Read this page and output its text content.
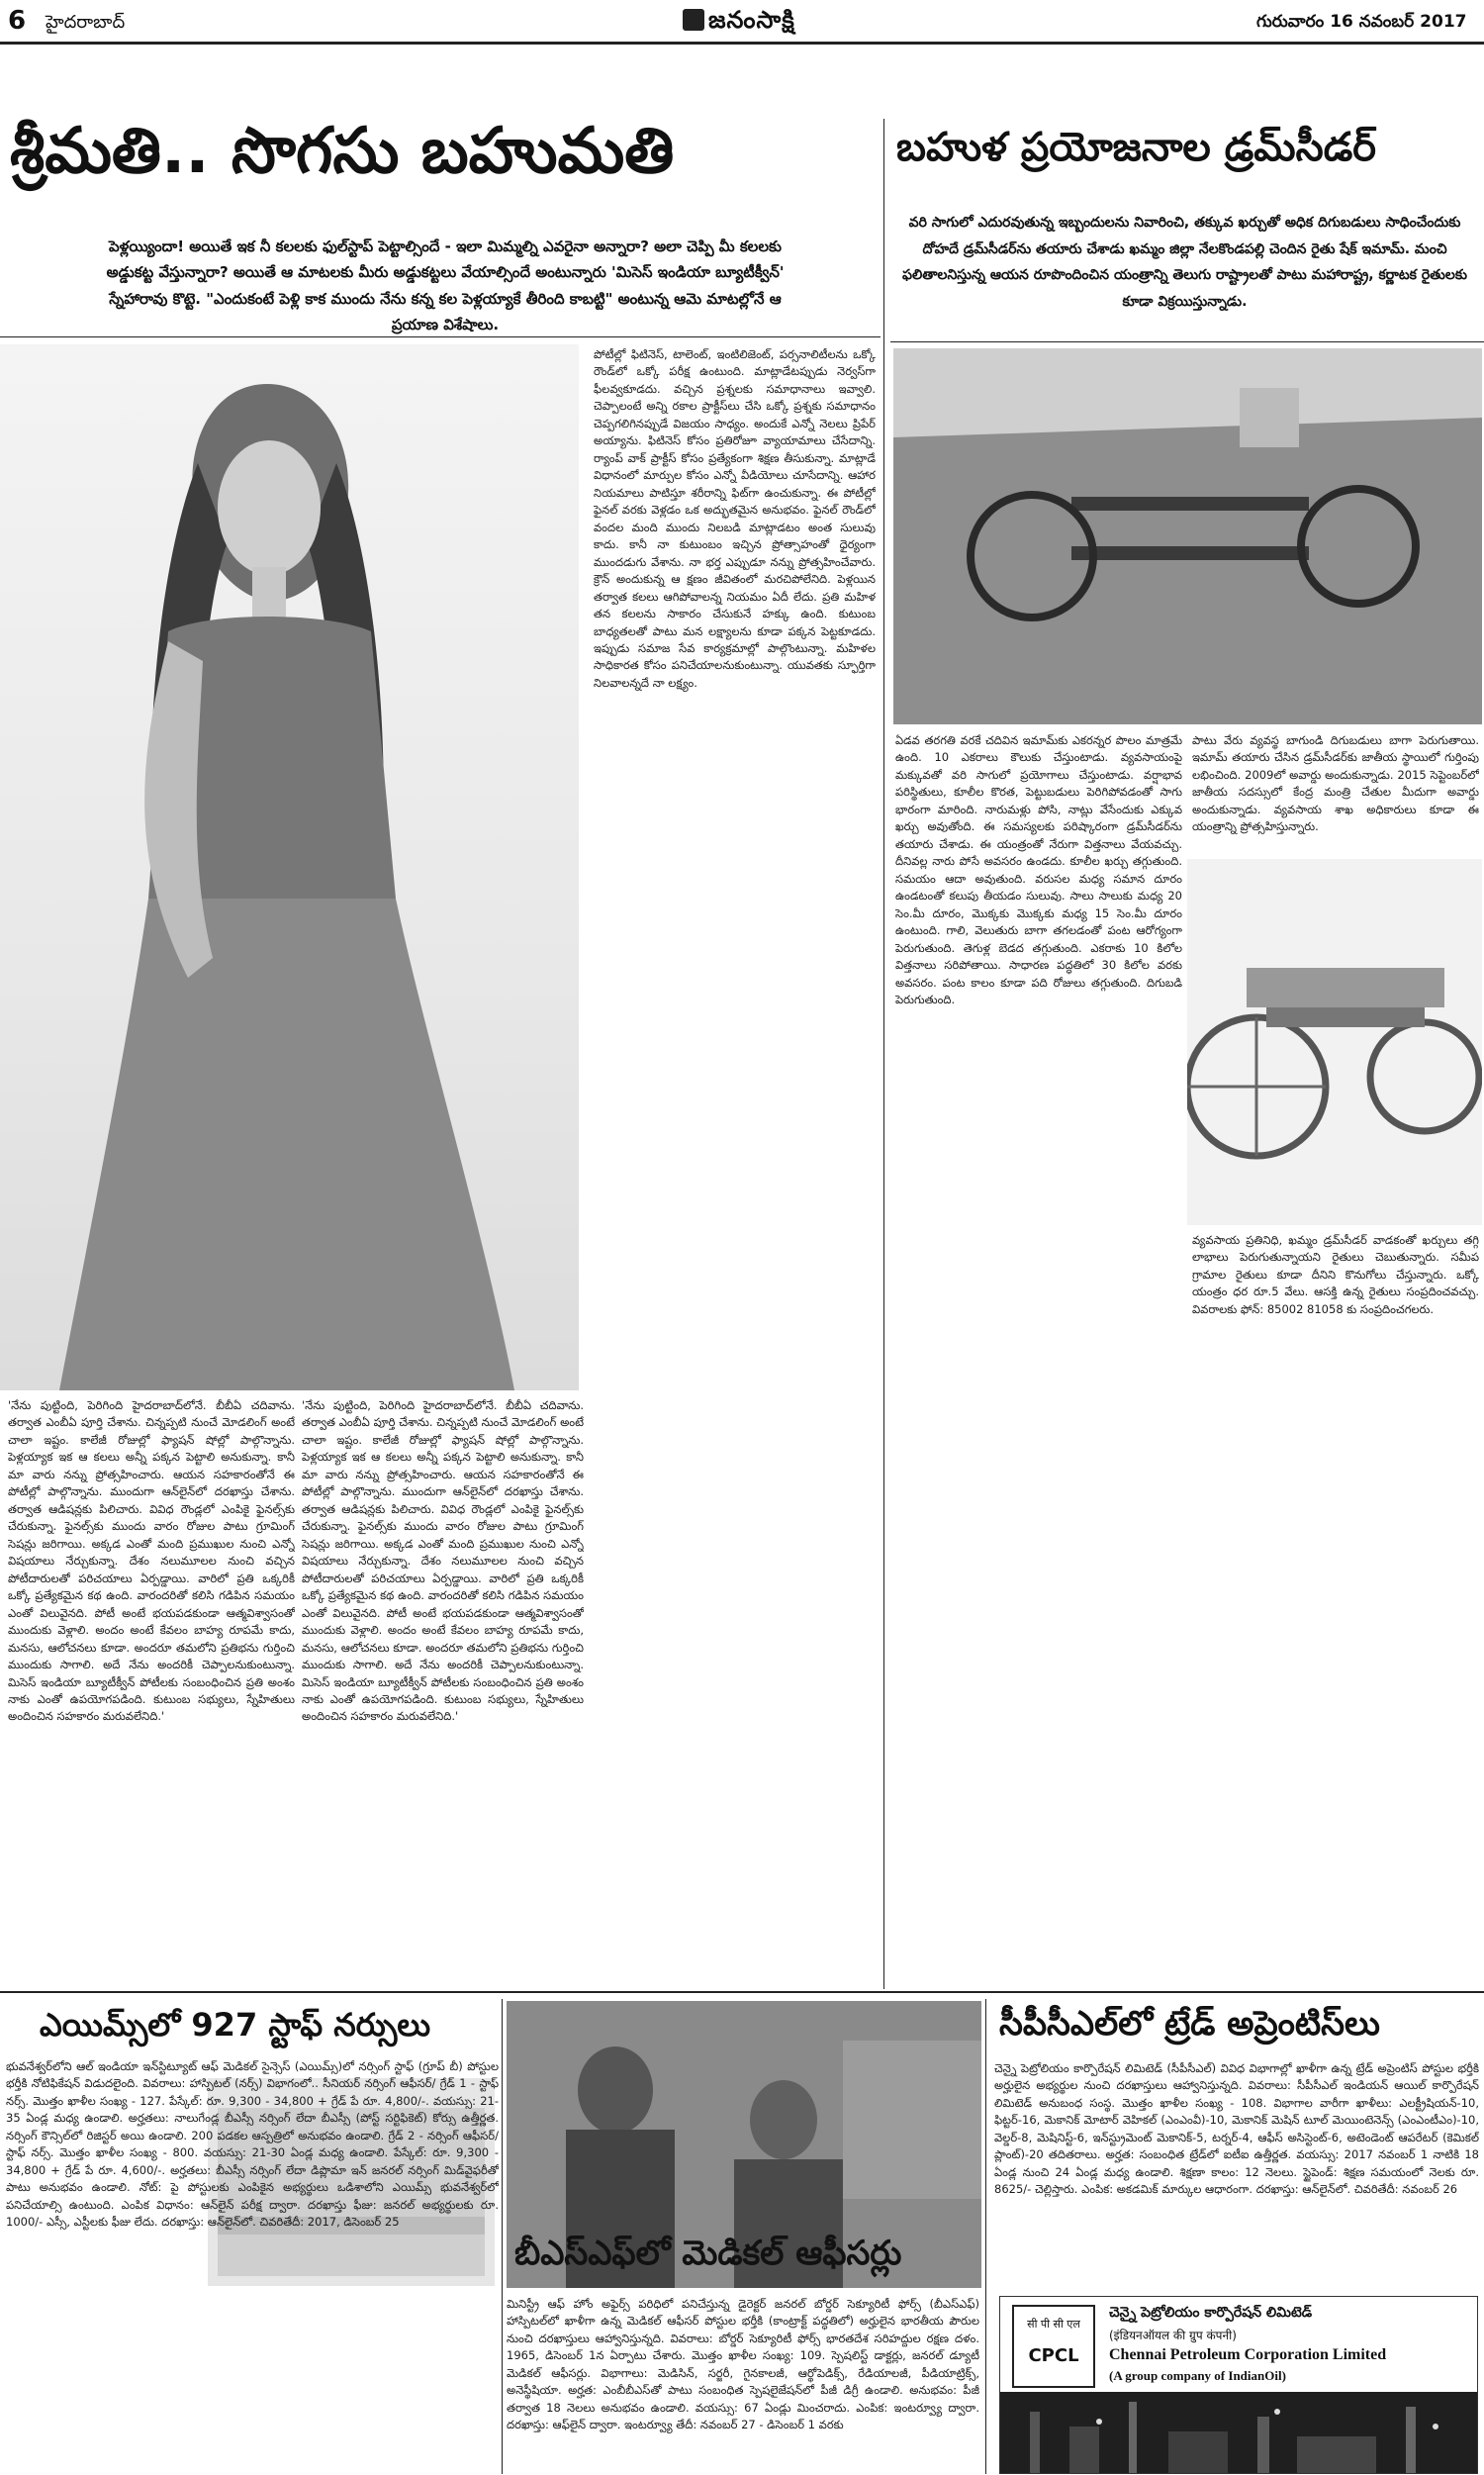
6 హైదరాబాద్	జనంసాక్షి	గురువారం 16 నవంబర్ 2017
శ్రీమతి.. సొగసు బహుమతి
పెళ్లయ్యిందా! అయితే ఇక నీ కలలకు ఫుల్‌స్టాప్ పెట్టాల్సిందే - ఇలా మిమ్మల్ని ఎవరైనా అన్నారా? అలా చెప్పి మీ కలలకు అడ్డుకట్ట వేస్తున్నారా? అయితే ఆ మాటలకు మీరు అడ్డుకట్టలు వేయాల్సిందే అంటున్నారు 'మిసెస్ ఇండియా బ్యూటీక్వీన్' స్నేహారావు కొట్టె. "ఎందుకంటే పెళ్లి కాక ముందు నేను కన్న కల పెళ్లయ్యాకే తీరింది కాబట్టి" అంటున్న ఆమె మాటల్లోనే ఆ ప్రయాణ విశేషాలు.
పోటీల్లో ఫిటినెస్, టాలెంట్, ఇంటిలిజెంట్, పర్సనాలిటీలను ఒక్కో రౌండ్‌లో ఒక్కో పరీక్ష ఉంటుంది. మాట్లాడేటప్పుడు నెర్వస్‌గా ఫీలవ్వకూడదు. వచ్చిన ప్రశ్నలకు సమాధానాలు ఇవ్వాలి. చెప్పాలంటే అన్ని రకాల ప్రాక్టీస్‌లు చేసి ఒక్కో ప్రశ్నకు సమాధానం చెప్పగలిగినప్పుడే విజయం సాధ్యం. అందుకే ఎన్నో నెలలు ప్రిపేర్ అయ్యాను. ఫిటినెస్ కోసం ప్రతిరోజూ వ్యాయామాలు చేసేదాన్ని. ర్యాంప్ వాక్ ప్రాక్టీస్ కోసం ప్రత్యేకంగా శిక్షణ తీసుకున్నా. మాట్లాడే విధానంలో మార్పుల కోసం ఎన్నో వీడియోలు చూసేదాన్ని. ఆహార నియమాలు పాటిస్తూ శరీరాన్ని ఫిట్‌గా ఉంచుకున్నా. ఈ పోటీల్లో ఫైనల్ వరకు వెళ్లడం ఒక అద్భుతమైన అనుభవం. ఫైనల్ రౌండ్‌లో వందల మంది ముందు నిలబడి మాట్లాడటం అంత సులువు కాదు. కానీ నా కుటుంబం ఇచ్చిన ప్రోత్సాహంతో ధైర్యంగా ముందడుగు వేశాను. నా భర్త ఎప్పుడూ నన్ను ప్రోత్సహించేవారు. క్రౌన్ అందుకున్న ఆ క్షణం జీవితంలో మరచిపోలేనిది. పెళ్లయిన తర్వాత కలలు ఆగిపోవాలన్న నియమం ఏదీ లేదు. ప్రతి మహిళ తన కలలను సాకారం చేసుకునే హక్కు ఉంది. కుటుంబ బాధ్యతలతో పాటు మన లక్ష్యాలను కూడా పక్కన పెట్టకూడదు. ఇప్పుడు సమాజ సేవ కార్యక్రమాల్లో పాల్గొంటున్నా. మహిళల సాధికారత కోసం పనిచేయాలనుకుంటున్నా. యువతకు స్ఫూర్తిగా నిలవాలన్నదే నా లక్ష్యం.
'నేను పుట్టింది, పెరిగింది హైదరాబాద్‌లోనే. బీబీఏ చదివాను. తర్వాత ఎంబీఏ పూర్తి చేశాను. చిన్నప్పటి నుంచే మోడలింగ్ అంటే చాలా ఇష్టం. కాలేజీ రోజుల్లో ఫ్యాషన్ షోల్లో పాల్గొన్నాను. పెళ్లయ్యాక ఇక ఆ కలలు అన్నీ పక్కన పెట్టాలి అనుకున్నా. కానీ మా వారు నన్ను ప్రోత్సహించారు. ఆయన సహకారంతోనే ఈ పోటీల్లో పాల్గొన్నాను. ముందుగా ఆన్‌లైన్‌లో దరఖాస్తు చేశాను. తర్వాత ఆడిషన్లకు పిలిచారు. వివిధ రౌండ్లలో ఎంపికై ఫైనల్స్‌కు చేరుకున్నా. ఫైనల్స్‌కు ముందు వారం రోజుల పాటు గ్రూమింగ్ సెషన్లు జరిగాయి. అక్కడ ఎంతో మంది ప్రముఖుల నుంచి ఎన్నో విషయాలు నేర్చుకున్నా. దేశం నలుమూలల నుంచి వచ్చిన పోటీదారులతో పరిచయాలు ఏర్పడ్డాయి. వారిలో ప్రతి ఒక్కరికీ ఒక్కో ప్రత్యేకమైన కథ ఉంది. వారందరితో కలిసి గడిపిన సమయం ఎంతో విలువైనది. పోటీ అంటే భయపడకుండా ఆత్మవిశ్వాసంతో ముందుకు వెళ్లాలి. అందం అంటే కేవలం బాహ్య రూపమే కాదు, మనసు, ఆలోచనలు కూడా. అందరూ తమలోని ప్రతిభను గుర్తించి ముందుకు సాగాలి. అదే నేను అందరికీ చెప్పాలనుకుంటున్నా. మిసెస్ ఇండియా బ్యూటీక్వీన్ పోటీలకు సంబంధించిన ప్రతి అంశం నాకు ఎంతో ఉపయోగపడింది. కుటుంబ సభ్యులు, స్నేహితులు అందించిన సహకారం మరువలేనిది.'
'నేను పుట్టింది, పెరిగింది హైదరాబాద్‌లోనే. బీబీఏ చదివాను. తర్వాత ఎంబీఏ పూర్తి చేశాను. చిన్నప్పటి నుంచే మోడలింగ్ అంటే చాలా ఇష్టం. కాలేజీ రోజుల్లో ఫ్యాషన్ షోల్లో పాల్గొన్నాను. పెళ్లయ్యాక ఇక ఆ కలలు అన్నీ పక్కన పెట్టాలి అనుకున్నా. కానీ మా వారు నన్ను ప్రోత్సహించారు. ఆయన సహకారంతోనే ఈ పోటీల్లో పాల్గొన్నాను. ముందుగా ఆన్‌లైన్‌లో దరఖాస్తు చేశాను. తర్వాత ఆడిషన్లకు పిలిచారు. వివిధ రౌండ్లలో ఎంపికై ఫైనల్స్‌కు చేరుకున్నా. ఫైనల్స్‌కు ముందు వారం రోజుల పాటు గ్రూమింగ్ సెషన్లు జరిగాయి. అక్కడ ఎంతో మంది ప్రముఖుల నుంచి ఎన్నో విషయాలు నేర్చుకున్నా. దేశం నలుమూలల నుంచి వచ్చిన పోటీదారులతో పరిచయాలు ఏర్పడ్డాయి. వారిలో ప్రతి ఒక్కరికీ ఒక్కో ప్రత్యేకమైన కథ ఉంది. వారందరితో కలిసి గడిపిన సమయం ఎంతో విలువైనది. పోటీ అంటే భయపడకుండా ఆత్మవిశ్వాసంతో ముందుకు వెళ్లాలి. అందం అంటే కేవలం బాహ్య రూపమే కాదు, మనసు, ఆలోచనలు కూడా. అందరూ తమలోని ప్రతిభను గుర్తించి ముందుకు సాగాలి. అదే నేను అందరికీ చెప్పాలనుకుంటున్నా. మిసెస్ ఇండియా బ్యూటీక్వీన్ పోటీలకు సంబంధించిన ప్రతి అంశం నాకు ఎంతో ఉపయోగపడింది. కుటుంబ సభ్యులు, స్నేహితులు అందించిన సహకారం మరువలేనిది.'
బహుళ ప్రయోజనాల డ్రమ్‌సీడర్
వరి సాగులో ఎదురవుతున్న ఇబ్బందులను నివారించి, తక్కువ ఖర్చుతో అధిక దిగుబడులు సాధించేందుకు దోహదే డ్రమ్‌సీడర్‌ను తయారు చేశాడు ఖమ్మం జిల్లా నేలకొండపల్లి చెందిన రైతు షేక్ ఇమామ్. మంచి ఫలితాలనిస్తున్న ఆయన రూపొందించిన యంత్రాన్ని తెలుగు రాష్ట్రాలతో పాటు మహారాష్ట్ర, కర్ణాటక రైతులకు కూడా విక్రయిస్తున్నాడు.
ఏడవ తరగతి వరకే చదివిన ఇమామ్‌కు ఎకరన్నర పొలం మాత్రమే ఉంది. 10 ఎకరాలు కౌలుకు చేస్తుంటాడు. వ్యవసాయంపై మక్కువతో వరి సాగులో ప్రయోగాలు చేస్తుంటాడు. వర్షాభావ పరిస్థితులు, కూలీల కొరత, పెట్టుబడులు పెరిగిపోవడంతో సాగు భారంగా మారింది. నారుమళ్లు పోసి, నాట్లు వేసేందుకు ఎక్కువ ఖర్చు అవుతోంది. ఈ సమస్యలకు పరిష్కారంగా డ్రమ్‌సీడర్‌ను తయారు చేశాడు. ఈ యంత్రంతో నేరుగా విత్తనాలు వేయవచ్చు. దీనివల్ల నారు పోసే అవసరం ఉండదు. కూలీల ఖర్చు తగ్గుతుంది. సమయం ఆదా అవుతుంది. వరుసల మధ్య సమాన దూరం ఉండటంతో కలుపు తీయడం సులువు. సాలు సాలుకు మధ్య 20 సెం.మీ దూరం, మొక్కకు మొక్కకు మధ్య 15 సెం.మీ దూరం ఉంటుంది. గాలి, వెలుతురు బాగా తగలడంతో పంట ఆరోగ్యంగా పెరుగుతుంది. తెగుళ్ల బెడద తగ్గుతుంది. ఎకరాకు 10 కిలోల విత్తనాలు సరిపోతాయి. సాధారణ పద్ధతిలో 30 కిలోల వరకు అవసరం. పంట కాలం కూడా పది రోజులు తగ్గుతుంది. దిగుబడి పెరుగుతుంది.
పాటు వేరు వ్యవస్థ బాగుండి దిగుబడులు బాగా పెరుగుతాయి. ఇమామ్ తయారు చేసిన డ్రమ్‌సీడర్‌కు జాతీయ స్థాయిలో గుర్తింపు లభించింది. 2009లో అవార్డు అందుకున్నాడు. 2015 సెప్టెంబర్‌లో జాతీయ సదస్సులో కేంద్ర మంత్రి చేతుల మీదుగా అవార్డు అందుకున్నాడు. వ్యవసాయ శాఖ అధికారులు కూడా ఈ యంత్రాన్ని ప్రోత్సహిస్తున్నారు.
వ్యవసాయ ప్రతినిధి, ఖమ్మం డ్రమ్‌సీడర్ వాడకంతో ఖర్చులు తగ్గి లాభాలు పెరుగుతున్నాయని రైతులు చెబుతున్నారు. సమీప గ్రామాల రైతులు కూడా దీనిని కొనుగోలు చేస్తున్నారు. ఒక్కో యంత్రం ధర రూ.5 వేలు. ఆసక్తి ఉన్న రైతులు సంప్రదించవచ్చు. వివరాలకు ఫోన్: 85002 81058 కు సంప్రదించగలరు.
ఎయిమ్స్‌లో 927 స్టాఫ్ నర్సులు
భువనేశ్వర్‌లోని ఆల్ ఇండియా ఇన్‌స్టిట్యూట్ ఆఫ్ మెడికల్ సైన్సెస్ (ఎయిమ్స్)లో నర్సింగ్ స్టాఫ్ (గ్రూప్ బీ) పోస్టుల భర్తీకి నోటిఫికేషన్ విడుదలైంది. వివరాలు: హాస్పిటల్ (నర్స్) విభాగంలో.. సీనియర్ నర్సింగ్ ఆఫీసర్/ గ్రేడ్ 1 - స్టాఫ్ నర్స్. మొత్తం ఖాళీల సంఖ్య - 127. పేస్కేల్: రూ. 9,300 - 34,800 + గ్రేడ్ పే రూ. 4,800/-. వయస్సు: 21-35 ఏండ్ల మధ్య ఉండాలి. అర్హతలు: నాలుగేండ్ల బీఎస్సీ నర్సింగ్ లేదా బీఎస్సీ (పోస్ట్ సర్టిఫికెట్) కోర్సు ఉత్తీర్ణత. నర్సింగ్ కౌన్సిల్‌లో రిజిస్టర్ అయి ఉండాలి. 200 పడకల ఆస్పత్రిలో అనుభవం ఉండాలి. గ్రేడ్ 2 - నర్సింగ్ ఆఫీసర్/ స్టాఫ్ నర్స్. మొత్తం ఖాళీల సంఖ్య - 800. వయస్సు: 21-30 ఏండ్ల మధ్య ఉండాలి. పేస్కేల్: రూ. 9,300 - 34,800 + గ్రేడ్ పే రూ. 4,600/-. అర్హతలు: బీఎస్సీ నర్సింగ్ లేదా డిప్లొమా ఇన్ జనరల్ నర్సింగ్ మిడ్‌వైఫరీతో పాటు అనుభవం ఉండాలి. నోట్: పై పోస్టులకు ఎంపికైన అభ్యర్థులు ఒడిశాలోని ఎయిమ్స్ భువనేశ్వర్‌లో పనిచేయాల్సి ఉంటుంది. ఎంపిక విధానం: ఆన్‌లైన్ పరీక్ష ద్వారా. దరఖాస్తు ఫీజు: జనరల్ అభ్యర్థులకు రూ. 1000/- ఎస్సీ, ఎస్టీలకు ఫీజు లేదు. దరఖాస్తు: ఆన్‌లైన్‌లో. చివరితేదీ: 2017, డిసెంబర్ 25
బీఎస్‌ఎఫ్‌లో మెడికల్ ఆఫీసర్లు
మినిస్ట్రీ ఆఫ్ హోం అఫైర్స్ పరిధిలో పనిచేస్తున్న డైరెక్టర్ జనరల్ బోర్డర్ సెక్యూరిటీ ఫోర్స్ (బీఎస్‌ఎఫ్) హాస్పిటల్‌లో ఖాళీగా ఉన్న మెడికల్ ఆఫీసర్ పోస్టుల భర్తీకి (కాంట్రాక్ట్ పద్ధతిలో) అర్హులైన భారతీయ పౌరుల నుంచి దరఖాస్తులు ఆహ్వానిస్తున్నది. వివరాలు: బోర్డర్ సెక్యూరిటీ ఫోర్స్ భారతదేశ సరిహద్దుల రక్షణ దళం. 1965, డిసెంబర్ 1న ఏర్పాటు చేశారు. మొత్తం ఖాళీల సంఖ్య: 109. స్పెషలిస్ట్ డాక్టర్లు, జనరల్ డ్యూటీ మెడికల్ ఆఫీసర్లు. విభాగాలు: మెడిసిన్, సర్జరీ, గైనకాలజీ, ఆర్థోపెడిక్స్, రేడియాలజీ, పీడియాట్రిక్స్, అనెస్థీషియా. అర్హత: ఎంబీబీఎస్‌తో పాటు సంబంధిత స్పెషలైజేషన్‌లో పీజీ డిగ్రీ ఉండాలి. అనుభవం: పీజీ తర్వాత 18 నెలలు అనుభవం ఉండాలి. వయస్సు: 67 ఏండ్లు మించరాదు. ఎంపిక: ఇంటర్వ్యూ ద్వారా. దరఖాస్తు: ఆఫ్‌లైన్ ద్వారా. ఇంటర్వ్యూ తేదీ: నవంబర్ 27 - డిసెంబర్ 1 వరకు
సీపీసీఎల్‌లో ట్రేడ్ అప్రెంటిస్‌లు
చెన్నై పెట్రోలియం కార్పొరేషన్ లిమిటెడ్ (సీపీసీఎల్) వివిధ విభాగాల్లో ఖాళీగా ఉన్న ట్రేడ్ అప్రెంటిస్ పోస్టుల భర్తీకి అర్హులైన అభ్యర్థుల నుంచి దరఖాస్తులు ఆహ్వానిస్తున్నది. వివరాలు: సీపీసీఎల్ ఇండియన్ ఆయిల్ కార్పొరేషన్ లిమిటెడ్ అనుబంధ సంస్థ. మొత్తం ఖాళీల సంఖ్య - 108. విభాగాల వారీగా ఖాళీలు: ఎలక్ట్రీషియన్-10, ఫిట్టర్-16, మెకానిక్ మోటార్ వెహికల్ (ఎంఎంవీ)-10, మెకానిక్ మెషిన్ టూల్ మెయింటెనెన్స్ (ఎంఎంటీఎం)-10, వెల్డర్-8, మెషినిస్ట్-6, ఇన్‌స్ట్రుమెంట్ మెకానిక్-5, టర్నర్-4, ఆఫీస్ అసిస్టెంట్-6, అటెండెంట్ ఆపరేటర్ (కెమికల్ ప్లాంట్)-20 తదితరాలు. అర్హత: సంబంధిత ట్రేడ్‌లో ఐటీఐ ఉత్తీర్ణత. వయస్సు: 2017 నవంబర్ 1 నాటికి 18 ఏండ్ల నుంచి 24 ఏండ్ల మధ్య ఉండాలి. శిక్షణా కాలం: 12 నెలలు. స్టైపెండ్: శిక్షణ సమయంలో నెలకు రూ. 8625/- చెల్లిస్తారు. ఎంపిక: అకడమిక్ మార్కుల ఆధారంగా. దరఖాస్తు: ఆన్‌లైన్‌లో. చివరితేదీ: నవంబర్ 26
सी पी सी एल
CPCL
చెన్నై పెట్రోలియం కార్పొరేషన్ లిమిటెడ్
(इंडियनऑयल की ग्रुप कंपनी)
Chennai Petroleum Corporation Limited
(A group company of IndianOil)
